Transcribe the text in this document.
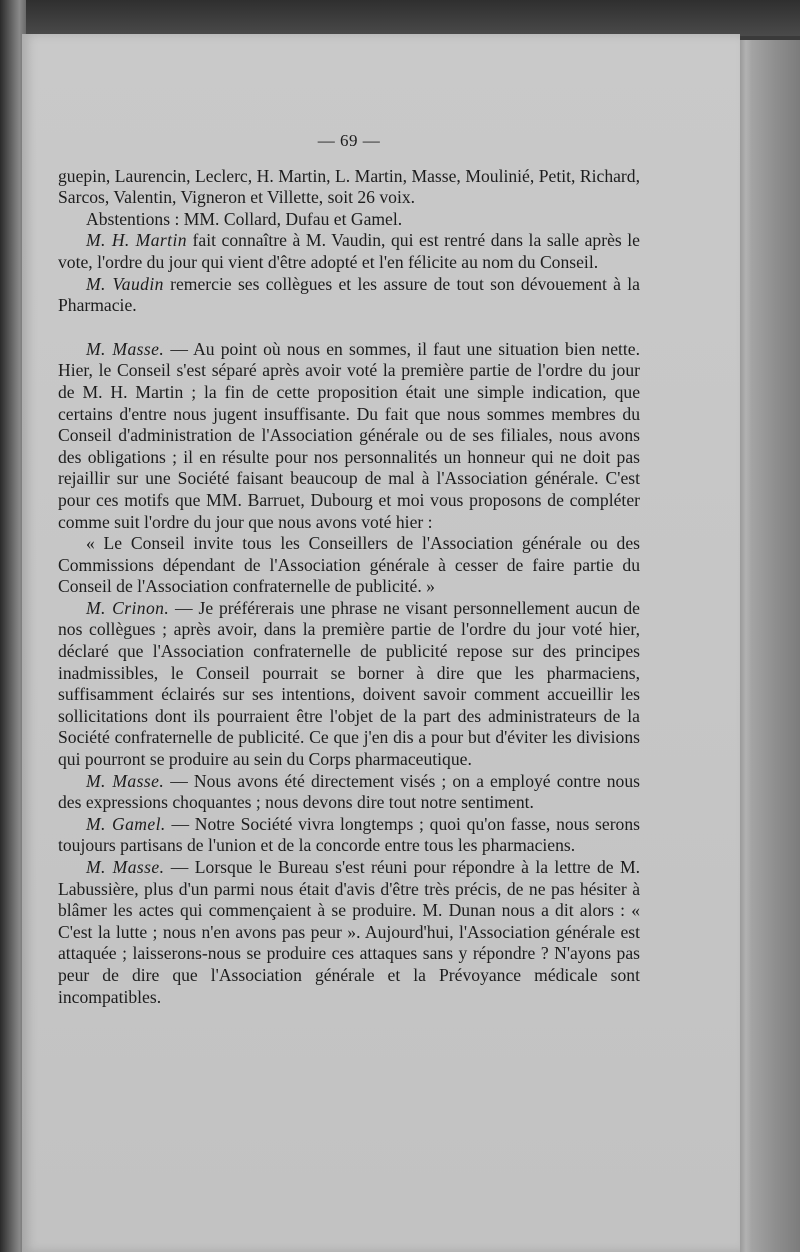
— 69 —

guepin, Laurencin, Leclerc, H. Martin, L. Martin, Masse, Moulinié, Petit, Richard, Sarcos, Valentin, Vigneron et Villette, soit 26 voix.

Abstentions : MM. Collard, Dufau et Gamel.

M. H. Martin fait connaître à M. Vaudin, qui est rentré dans la salle après le vote, l'ordre du jour qui vient d'être adopté et l'en félicite au nom du Conseil.

M. Vaudin remercie ses collègues et les assure de tout son dévouement à la Pharmacie.

M. Masse. — Au point où nous en sommes, il faut une situation bien nette. Hier, le Conseil s'est séparé après avoir voté la première partie de l'ordre du jour de M. H. Martin ; la fin de cette proposition était une simple indication, que certains d'entre nous jugent insuffisante. Du fait que nous sommes membres du Conseil d'administration de l'Association générale ou de ses filiales, nous avons des obligations ; il en résulte pour nos personnalités un honneur qui ne doit pas rejaillir sur une Société faisant beaucoup de mal à l'Association générale. C'est pour ces motifs que MM. Barruet, Dubourg et moi vous proposons de compléter comme suit l'ordre du jour que nous avons voté hier :

« Le Conseil invite tous les Conseillers de l'Association générale ou des Commissions dépendant de l'Association générale à cesser de faire partie du Conseil de l'Association confraternelle de publicité. »

M. Crinon. — Je préférerais une phrase ne visant personnellement aucun de nos collègues ; après avoir, dans la première partie de l'ordre du jour voté hier, déclaré que l'Association confraternelle de publicité repose sur des principes inadmissibles, le Conseil pourrait se borner à dire que les pharmaciens, suffisamment éclairés sur ses intentions, doivent savoir comment accueillir les sollicitations dont ils pourraient être l'objet de la part des administrateurs de la Société confraternelle de publicité. Ce que j'en dis a pour but d'éviter les divisions qui pourront se produire au sein du Corps pharmaceutique.

M. Masse. — Nous avons été directement visés ; on a employé contre nous des expressions choquantes ; nous devons dire tout notre sentiment.

M. Gamel. — Notre Société vivra longtemps ; quoi qu'on fasse, nous serons toujours partisans de l'union et de la concorde entre tous les pharmaciens.

M. Masse. — Lorsque le Bureau s'est réuni pour répondre à la lettre de M. Labussière, plus d'un parmi nous était d'avis d'être très précis, de ne pas hésiter à blâmer les actes qui commençaient à se produire. M. Dunan nous a dit alors : « C'est la lutte ; nous n'en avons pas peur ». Aujourd'hui, l'Association générale est attaquée ; laisserons-nous se produire ces attaques sans y répondre ? N'ayons pas peur de dire que l'Association générale et la Prévoyance médicale sont incompatibles.
